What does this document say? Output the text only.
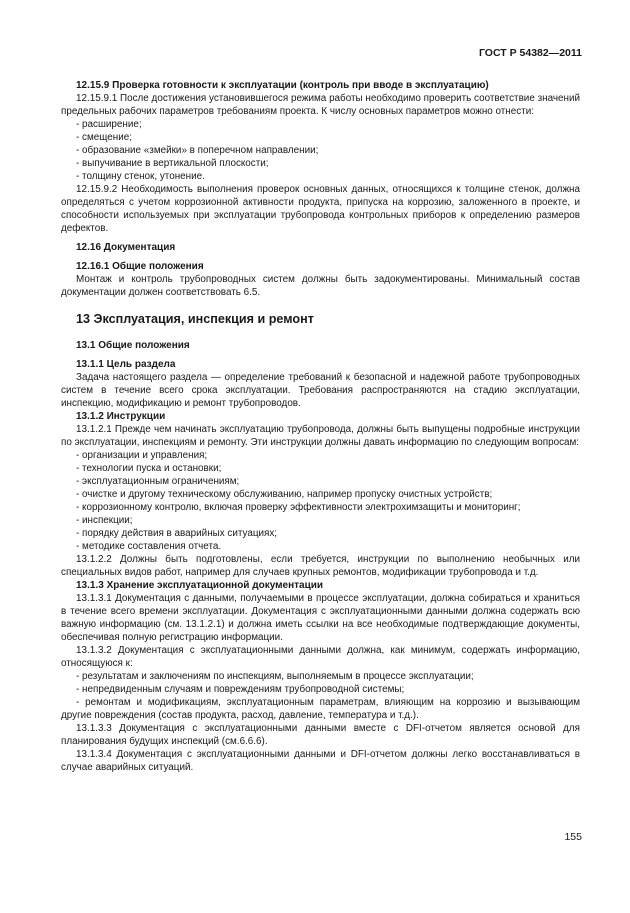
ГОСТ Р 54382—2011
12.15.9 Проверка готовности к эксплуатации (контроль при вводе в эксплуатацию)

12.15.9.1 После достижения установившегося режима работы необходимо проверить соответствие значений предельных рабочих параметров требованиям проекта. К числу основных параметров можно отнести:

- расширение;
- смещение;
- образование «змейки» в поперечном направлении;
- выпучивание в вертикальной плоскости;
- толщину стенок, утонение.

12.15.9.2 Необходимость выполнения проверок основных данных, относящихся к толщине стенок, должна определяться с учетом коррозионной активности продукта, припуска на коррозию, заложенного в проекте, и способности используемых при эксплуатации трубопровода контрольных приборов к определению размеров дефектов.

12.16 Документация
12.16.1 Общие положения

Монтаж и контроль трубопроводных систем должны быть задокументированы. Минимальный состав документации должен соответствовать 6.5.

13 Эксплуатация, инспекция и ремонт
13.1 Общие положения
13.1.1 Цель раздела

Задача настоящего раздела — определение требований к безопасной и надежной работе трубопроводных систем в течение всего срока эксплуатации. Требования распространяются на стадию эксплуатации, инспекцию, модификацию и ремонт трубопроводов.

13.1.2 Инструкции

13.1.2.1 Прежде чем начинать эксплуатацию трубопровода, должны быть выпущены подробные инструкции по эксплуатации, инспекциям и ремонту. Эти инструкции должны давать информацию по следующим вопросам:

- организации и управления;
- технологии пуска и остановки;
- эксплуатационным ограничениям;
- очистке и другому техническому обслуживанию, например пропуску очистных устройств;
- коррозионному контролю, включая проверку эффективности электрохимзащиты и мониторинг;
- инспекции;
- порядку действия в аварийных ситуациях;
- методике составления отчета.

13.1.2.2 Должны быть подготовлены, если требуется, инструкции по выполнению необычных или специальных видов работ, например для случаев крупных ремонтов, модификации трубопровода и т.д.

13.1.3 Хранение эксплуатационной документации

13.1.3.1 Документация с данными, получаемыми в процессе эксплуатации, должна собираться и храниться в течение всего времени эксплуатации. Документация с эксплуатационными данными должна содержать всю важную информацию (см. 13.1.2.1) и должна иметь ссылки на все необходимые подтверждающие документы, обеспечивая полную регистрацию информации.

13.1.3.2 Документация с эксплуатационными данными должна, как минимум, содержать информацию, относящуюся к:

- результатам и заключениям по инспекциям, выполняемым в процессе эксплуатации;
- непредвиденным случаям и повреждениям трубопроводной системы;

- ремонтам и модификациям, эксплуатационным параметрам, влияющим на коррозию и вызывающим другие повреждения (состав продукта, расход, давление, температура и т.д.).

13.1.3.3 Документация с эксплуатационными данными вместе с DFI-отчетом является основой для планирования будущих инспекций (см.6.6.6).

13.1.3.4 Документация с эксплуатационными данными и DFI-отчетом должны легко восстанавливаться в случае аварийных ситуаций.

155
